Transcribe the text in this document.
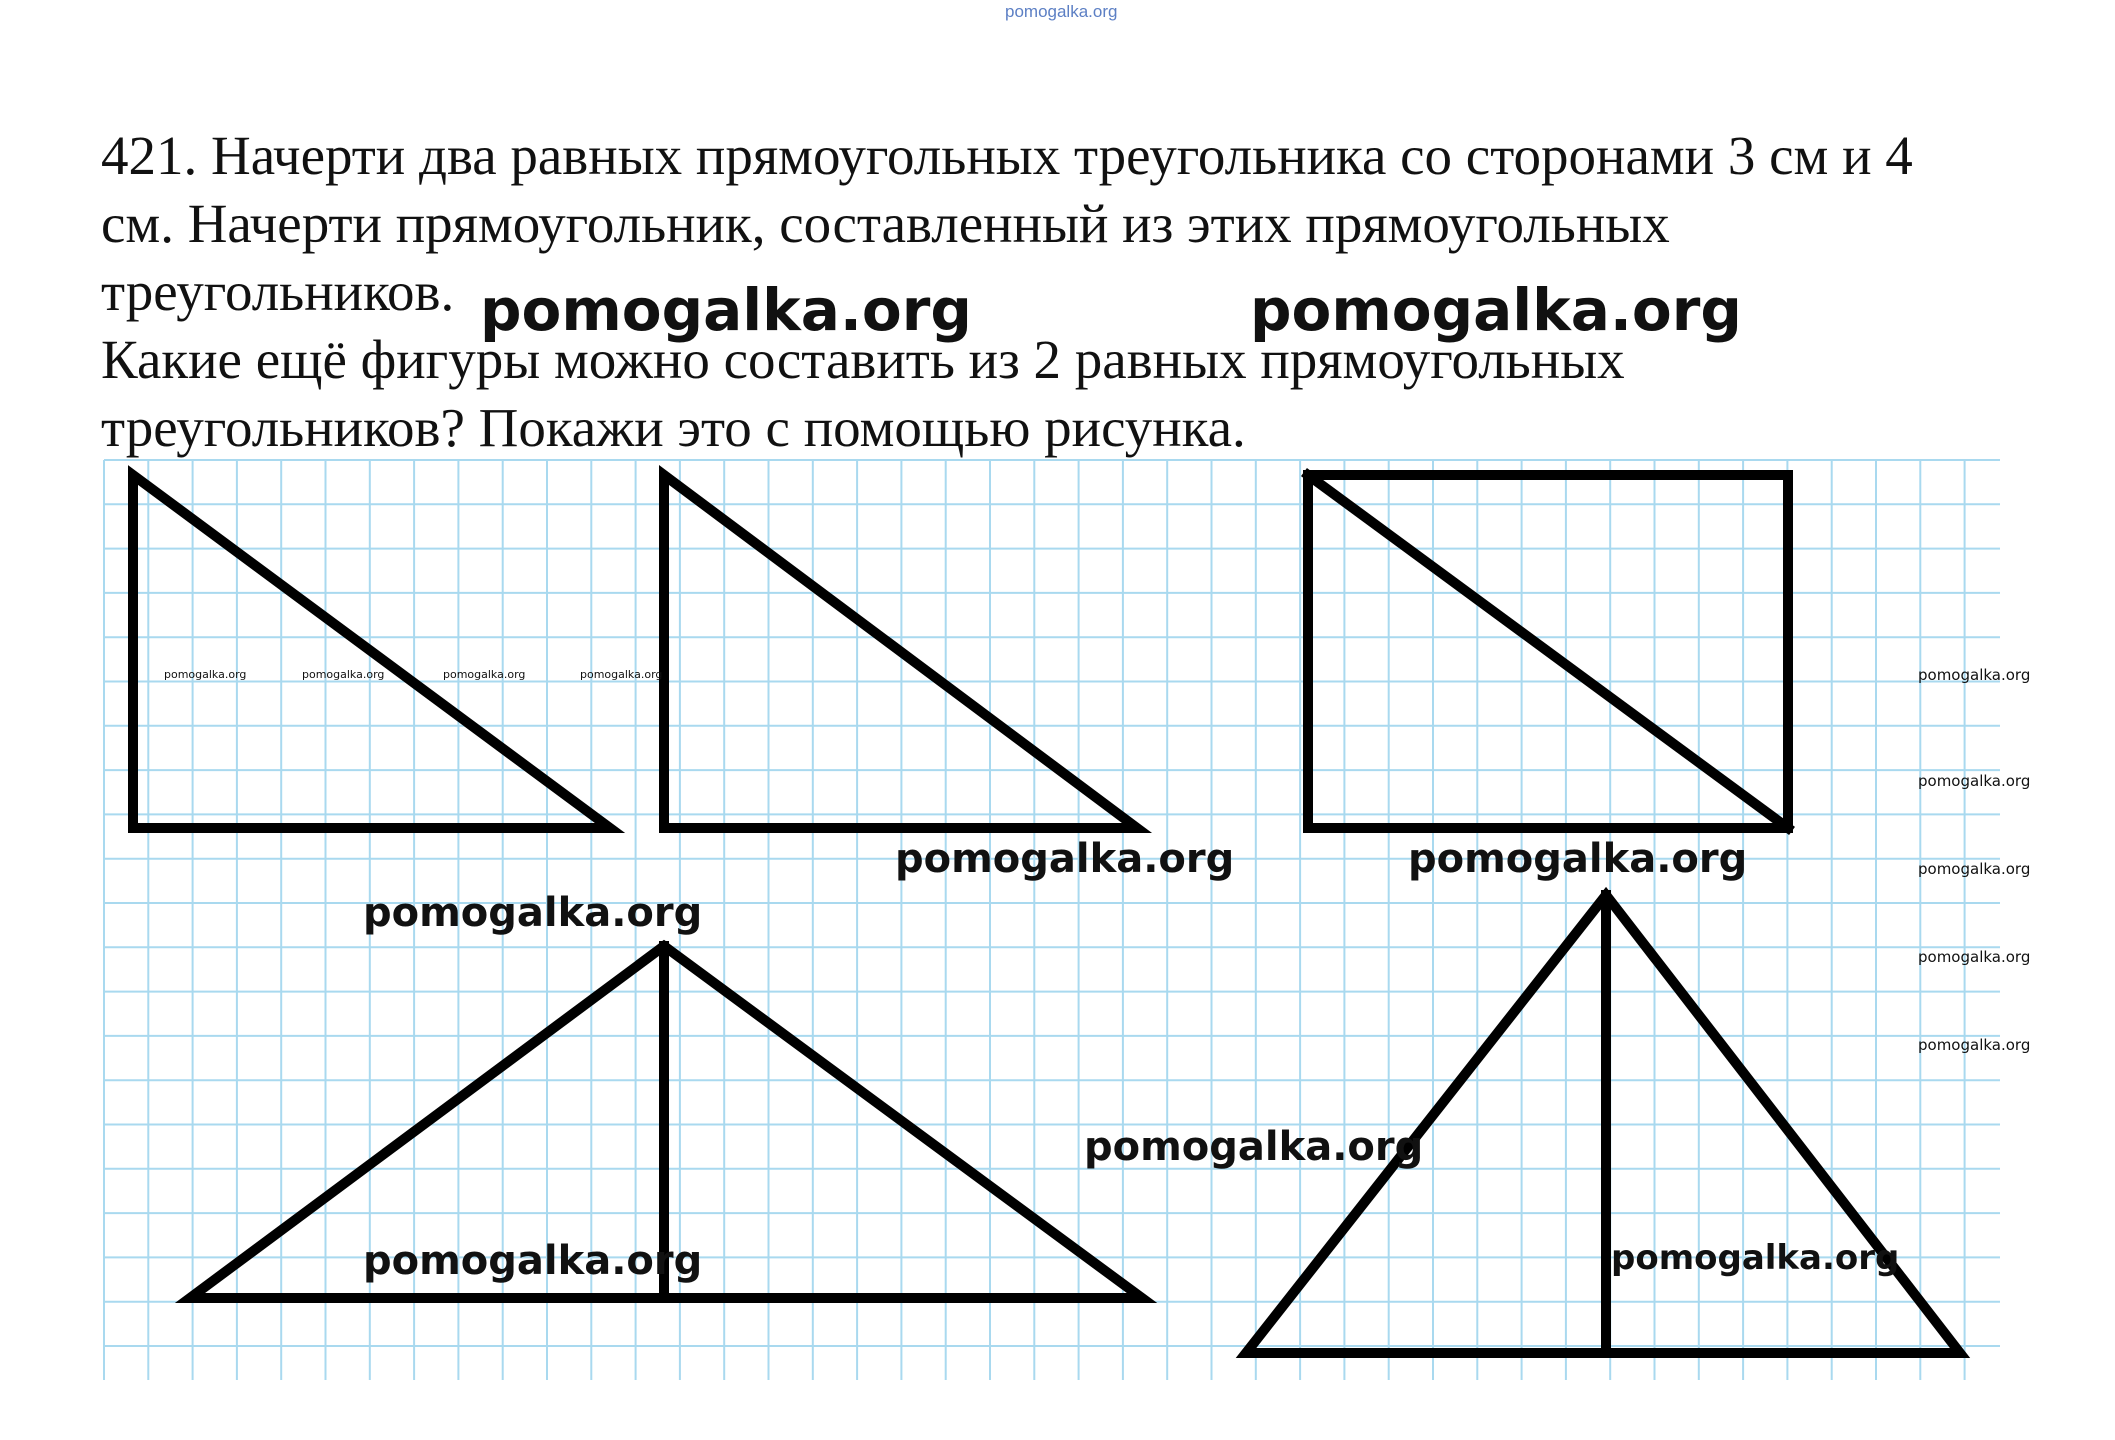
pomogalka.org
421. Начерти два равных прямоугольных треугольника со сторонами 3 см и 4
см. Начерти прямоугольник, составленный из этих прямоугольных
треугольников.
Какие ещё фигуры можно составить из 2 равных прямоугольных
треугольников? Покажи это с помощью рисунка.
pomogalka.org	pomogalka.org
pomogalka.org	pomogalka.org
pomogalka.org
pomogalka.org
pomogalka.org	pomogalka.org
pomogalka.org	pomogalka.org	pomogalka.org	pomogalka.org	pomogalka.org
pomogalka.org
pomogalka.org
pomogalka.org
pomogalka.org
